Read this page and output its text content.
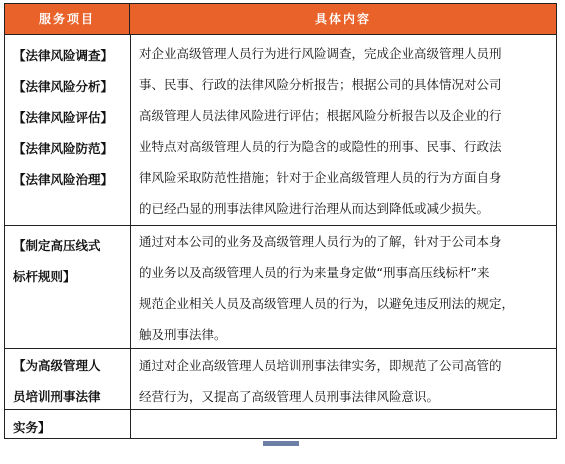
服务项目	具体内容
【法律风险调查】
【法律风险分析】
【法律风险评估】
【法律风险防范】
【法律风险治理】
对企业高级管理人员行为进行风险调查，完成企业高级管理人员刑
事、民事、行政的法律风险分析报告；根据公司的具体情况对公司
高级管理人员法律风险进行评估；根据风险分析报告以及企业的行
业特点对高级管理人员的行为隐含的或隐性的刑事、民事、行政法
律风险采取防范性措施；针对于企业高级管理人员的行为方面自身
的已经凸显的刑事法律风险进行治理从而达到降低或减少损失。
【制定高压线式
标杆规则】
通过对本公司的业务及高级管理人员行为的了解，针对于公司本身
的业务以及高级管理人员的行为来量身定做“刑事高压线标杆”来
规范企业相关人员及高级管理人员的行为，以避免违反刑法的规定，
触及刑事法律。
【为高级管理人
员培训刑事法律
实务】
通过对企业高级管理人员培训刑事法律实务，即规范了公司高管的
经营行为，又提高了高级管理人员刑事法律风险意识。
